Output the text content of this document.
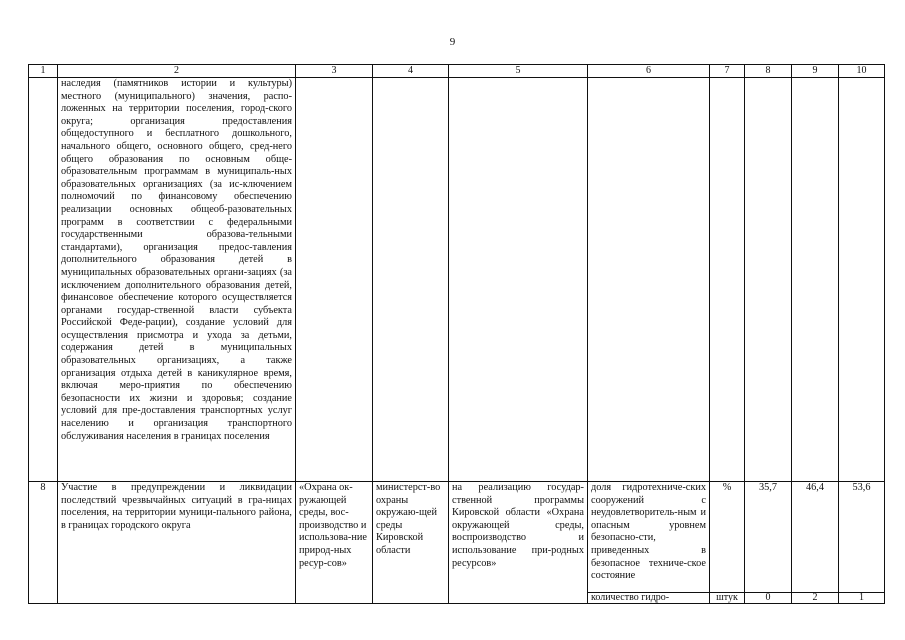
9
1	2	3	4	5	6	7	8	9	10

	наследия (памятников истории и культуры) местного (муниципального) значения, распо-ложенных на территории поселения, город-ского округа; организация предоставления общедоступного и бесплатного дошкольного, начального общего, основного общего, сред-него общего образования по основным обще-образовательным программам в муниципаль-ных образовательных организациях (за ис-ключением полномочий по финансовому обеспечению реализации основных общеоб-разовательных программ в соответствии с федеральными государственными образова-тельными стандартами), организация предос-тавления дополнительного образования детей в муниципальных образовательных органи-зациях (за исключением дополнительного образования детей, финансовое обеспечение которого осуществляется органами государ-ственной власти субъекта Российской Феде-рации), создание условий для осуществления присмотра и ухода за детьми, содержания детей в муниципальных образовательных организациях, а также организация отдыха детей в каникулярное время, включая меро-приятия по обеспечению безопасности их жизни и здоровья; создание условий для пре-доставления транспортных услуг населению и организация транспортного обслуживания населения в границах поселения								

8	Участие в предупреждении и ликвидации последствий чрезвычайных ситуаций в гра-ницах поселения, на территории муници-пального района, в границах городского округа	«Охрана ок-ружающей среды, вос-производство и использова-ние природ-ных ресур-сов»	министерст-во охраны окружаю-щей среды Кировской области	на реализацию государ-ственной программы Кировской области «Охрана окружающей среды, воспроизводство и использование при-родных ресурсов»	доля гидротехниче-ских сооружений с неудовлетворитель-ным и опасным уровнем безопасно-сти, приведенных в безопасное техниче-ское состояние	%	35,7	46,4	53,6
					количество гидро-	штук	0	2	1
